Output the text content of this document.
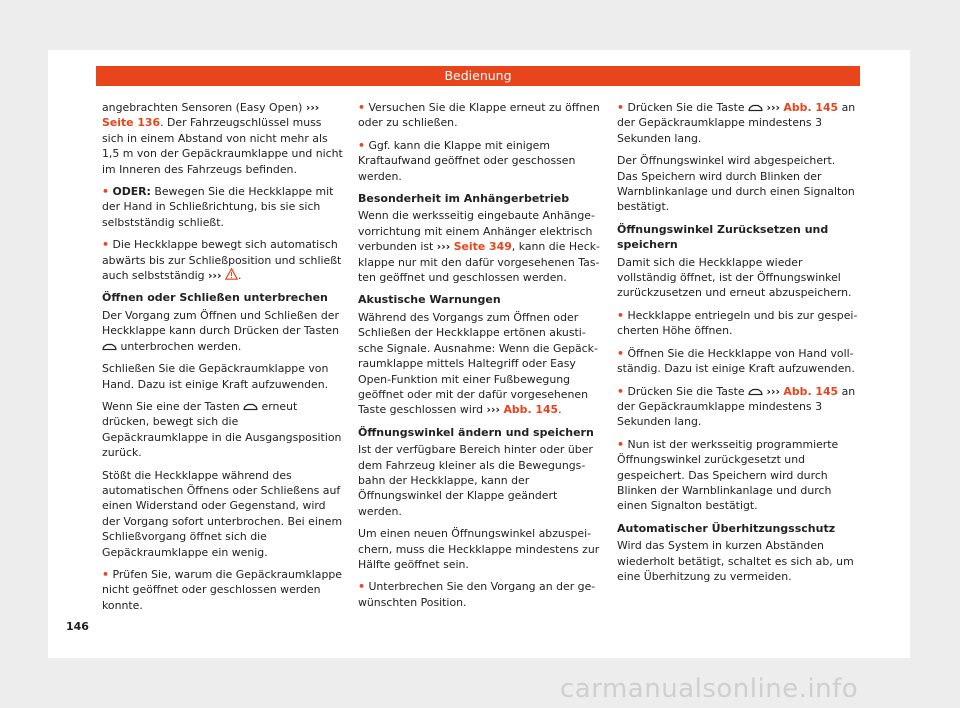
Bedienung

angebrachten Sensoren (Easy Open) ››› Seite 136. Der Fahrzeugschlüssel muss sich in einem Abstand von nicht mehr als 1,5 m von der Gepäckraumklappe und nicht im Inneren des Fahrzeugs befinden.

• ODER: Bewegen Sie die Heckklappe mit der Hand in Schließrichtung, bis sie sich selbstständig schließt.

• Die Heckklappe bewegt sich automatisch abwärts bis zur Schließposition und schließt auch selbstständig ››› .

Öffnen oder Schließen unterbrechen

Der Vorgang zum Öffnen und Schließen der Heckklappe kann durch Drücken der Tasten  unterbrochen werden.

Schließen Sie die Gepäckraumklappe von Hand. Dazu ist einige Kraft aufzuwenden.

Wenn Sie eine der Tasten  erneut drücken, bewegt sich die Gepäckraumklappe in die Ausgangsposition zurück.

Stößt die Heckklappe während des automatischen Öffnens oder Schließens auf einen Widerstand oder Gegenstand, wird der Vorgang sofort unterbrochen. Bei einem Schließvorgang öffnet sich die Gepäckraumklappe ein wenig.

• Prüfen Sie, warum die Gepäckraumklappe nicht geöffnet oder geschlossen werden konnte.

• Versuchen Sie die Klappe erneut zu öffnen oder zu schließen.

• Ggf. kann die Klappe mit einigem Kraftaufwand geöffnet oder geschossen werden.

Besonderheit im Anhängerbetrieb

Wenn die werksseitig eingebaute Anhängevorrichtung mit einem Anhänger elektrisch verbunden ist ››› Seite 349, kann die Heckklappe nur mit den dafür vorgesehenen Tasten geöffnet und geschlossen werden.

Akustische Warnungen

Während des Vorgangs zum Öffnen oder Schließen der Heckklappe ertönen akustische Signale. Ausnahme: Wenn die Gepäckraumklappe mittels Haltegriff oder Easy Open-Funktion mit einer Fußbewegung geöffnet oder mit der dafür vorgesehenen Taste geschlossen wird ››› Abb. 145.

Öffnungswinkel ändern und speichern

Ist der verfügbare Bereich hinter oder über dem Fahrzeug kleiner als die Bewegungsbahn der Heckklappe, kann der Öffnungswinkel der Klappe geändert werden.

Um einen neuen Öffnungswinkel abzuspeichern, muss die Heckklappe mindestens zur Hälfte geöffnet sein.

• Unterbrechen Sie den Vorgang an der gewünschten Position.

• Drücken Sie die Taste  ››› Abb. 145 an der Gepäckraumklappe mindestens 3 Sekunden lang.

Der Öffnungswinkel wird abgespeichert. Das Speichern wird durch Blinken der Warnblinkanlage und durch einen Signalton bestätigt.

Öffnungswinkel Zurücksetzen und speichern

Damit sich die Heckklappe wieder vollständig öffnet, ist der Öffnungswinkel zurückzusetzen und erneut abzuspeichern.

• Heckklappe entriegeln und bis zur gespeicherten Höhe öffnen.

• Öffnen Sie die Heckklappe von Hand vollständig. Dazu ist einige Kraft aufzuwenden.

• Drücken Sie die Taste  ››› Abb. 145 an der Gepäckraumklappe mindestens 3 Sekunden lang.

• Nun ist der werksseitig programmierte Öffnungswinkel zurückgesetzt und gespeichert. Das Speichern wird durch Blinken der Warnblinkanlage und durch einen Signalton bestätigt.

Automatischer Überhitzungsschutz

Wird das System in kurzen Abständen wiederholt betätigt, schaltet es sich ab, um eine Überhitzung zu vermeiden.

146
carmanualsonline.info
